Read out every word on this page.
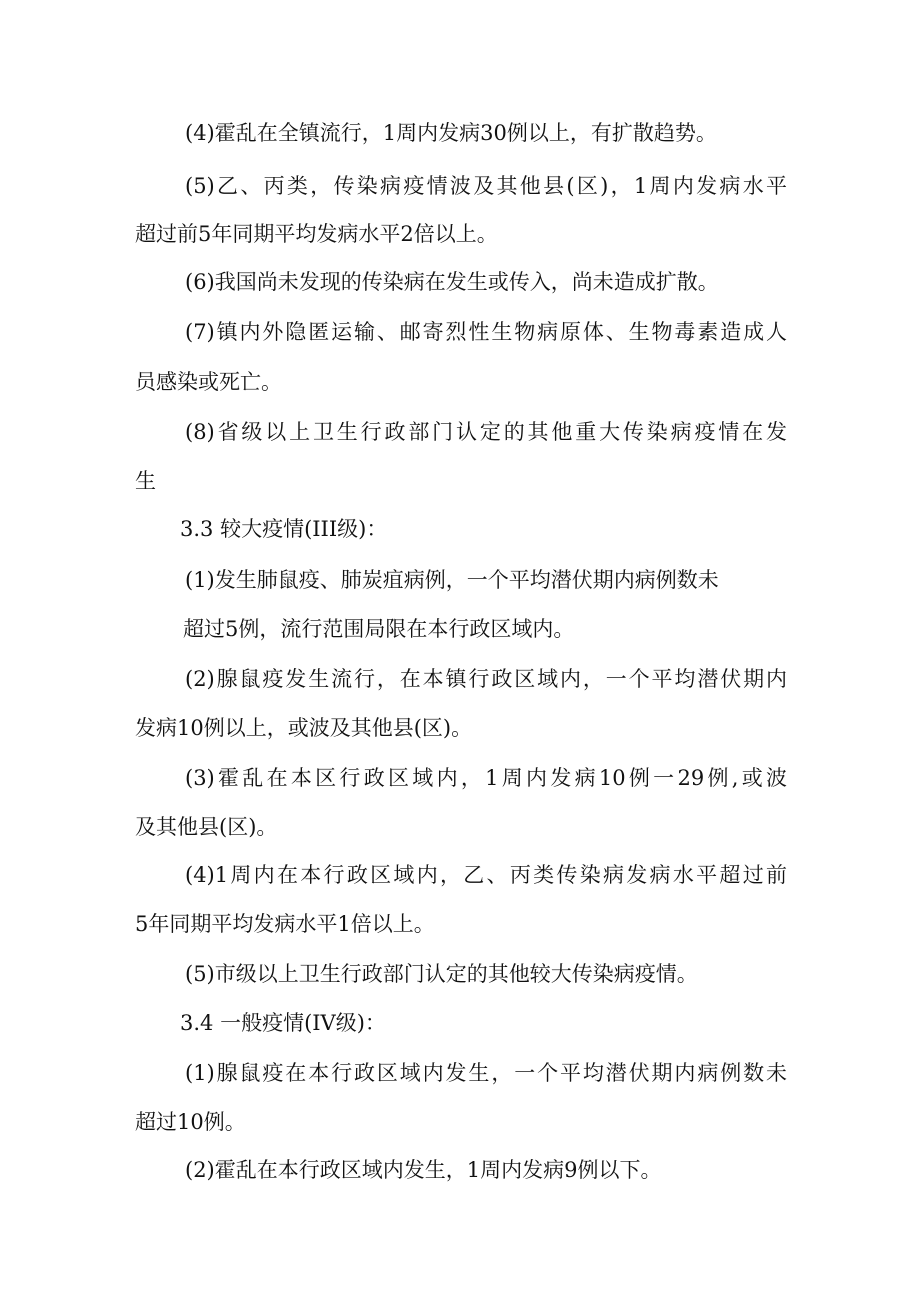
(4)霍乱在全镇流行，1周内发病30例以上，有扩散趋势。

(5)乙、丙类，传染病疫情波及其他县(区)，1周内发病水平

超过前5年同期平均发病水平2倍以上。

(6)我国尚未发现的传染病在发生或传入，尚未造成扩散。

(7)镇内外隐匿运输、邮寄烈性生物病原体、生物毒素造成人

员感染或死亡。

(8)省级以上卫生行政部门认定的其他重大传染病疫情在发

生

3.3 较大疫情(III级)：

(1)发生肺鼠疫、肺炭疽病例，一个平均潜伏期内病例数未

超过5例，流行范围局限在本行政区域内。

(2)腺鼠疫发生流行，在本镇行政区域内，一个平均潜伏期内

发病10例以上，或波及其他县(区)。

(3)霍乱在本区行政区域内，1周内发病10例一29例,或波

及其他县(区)。

(4)1周内在本行政区域内，乙、丙类传染病发病水平超过前

5年同期平均发病水平1倍以上。

(5)市级以上卫生行政部门认定的其他较大传染病疫情。

3.4 一般疫情(IV级)：

(1)腺鼠疫在本行政区域内发生，一个平均潜伏期内病例数未

超过10例。

(2)霍乱在本行政区域内发生，1周内发病9例以下。
